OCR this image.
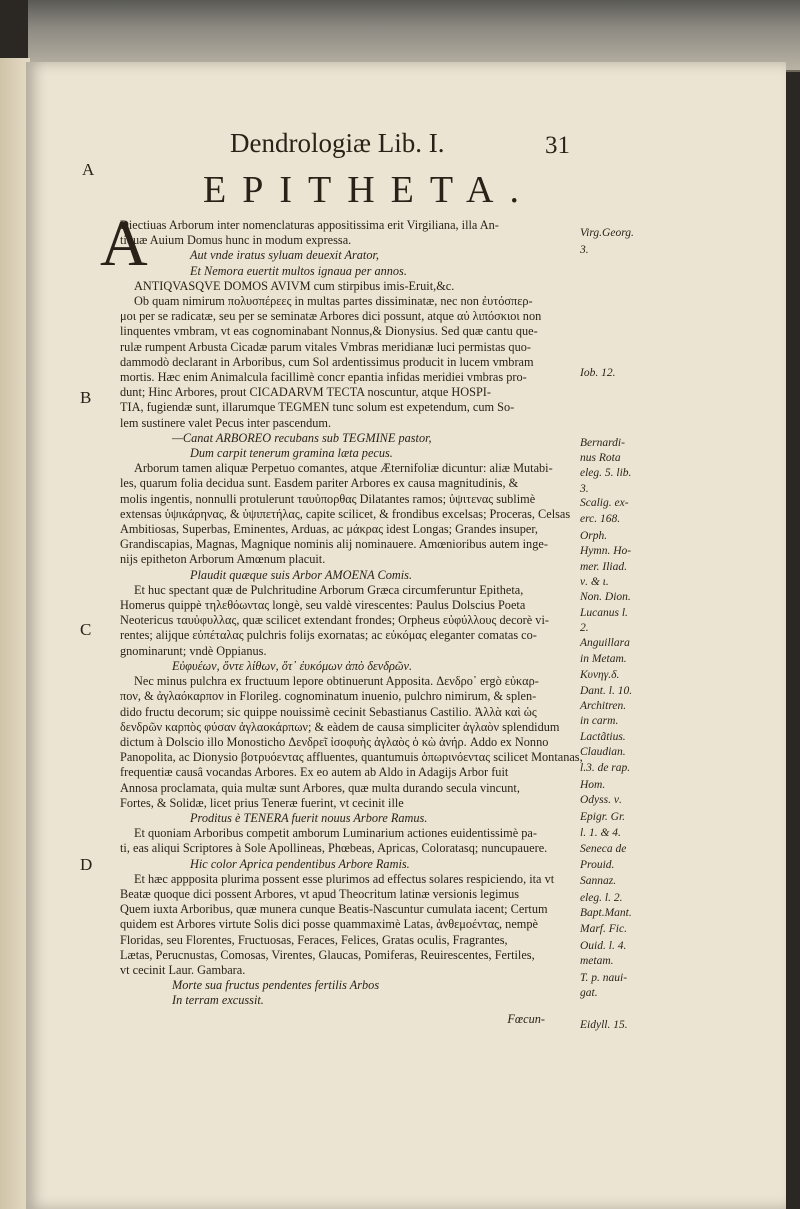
A
Dendrologiæ Lib. I.	31
EPITHETA.
A
B
C
D

Diectiuas Arborum inter nomenclaturas appositissima erit Virgiliana, illa An-

tiquæ Auium Domus hunc in modum expressa.

Aut vnde iratus syluam deuexit Arator,

Et Nemora euertit multos ignaua per annos.

ANTIQVASQVE DOMOS AVIVM cum stirpibus imis-Eruit,&c.

Ob quam nimirum πολυσπέρεες in multas partes dissiminatæ, nec non ἐυτόσπερ-

μοι per se radicatæ, seu per se seminatæ Arbores dici possunt, atque αὐ λιπόσκιοι non

linquentes vmbram, vt eas cognominabant Nonnus,& Dionysius. Sed quæ cantu que-

rulæ rumpent Arbusta Cicadæ parum vitales Vmbras meridianæ luci permistas quo-

dammodò declarant in Arboribus, cum Sol ardentissimus producit in lucem vmbram

mortis. Hæc enim Animalcula facillimè concr epantia infidas meridiei vmbras pro-

dunt; Hinc Arbores, prout CICADARVM TECTA noscuntur, atque HOSPI-

TIA, fugiendæ sunt, illarumque TEGMEN tunc solum est expetendum, cum So-

lem sustinere valet Pecus inter pascendum.

—Canat ARBOREO recubans sub TEGMINE pastor,

Dum carpit tenerum gramina læta pecus.

Arborum tamen aliquæ Perpetuo comantes, atque Æternifoliæ dicuntur: aliæ Mutabi-

les, quarum folia decidua sunt. Easdem pariter Arbores ex causa magnitudinis, &

molis ingentis, nonnulli protulerunt ταυὐπορθας Dilatantes ramos; ὑψιτενας sublimè

extensas ὑψικάρηνας, & ὑψιπετήλας, capite scilicet, & frondibus excelsas; Proceras, Celsas

Ambitiosas, Superbas, Eminentes, Arduas, ac μάκρας idest Longas; Grandes insuper,

Grandiscapias, Magnas, Magnique nominis alij nominauere. Amœnioribus autem inge-

nijs epitheton Arborum Amœnum placuit.

Plaudit quæque suis Arbor AMOENA Comis.

Et huc spectant quæ de Pulchritudine Arborum Græca circumferuntur Epitheta,

Homerus quippè τηλεθόωντας longè, seu valdè virescentes: Paulus Dolscius Poeta

Neotericus ταυὐφυλλας, quæ scilicet extendant frondes; Orpheus εὐφύλλους decorè vi-

rentes; alijque εὐπέταλας pulchris folijs exornatas; ac εὐκόμας eleganter comatas co-

gnominarunt; vndè Oppianus.

Εὐφυέων, ὅντε λίθων, ὅτ᾽ ἐυκόμων ἀπὸ δενδρῶν.

Nec minus pulchra ex fructuum lepore obtinuerunt Apposita. Δενδρο᾽ ergò εὐκαρ-

πον, & ἀγλαόκαρπον in Florileg. cognominatum inuenio, pulchro nimirum, & splen-

dido fructu decorum; sic quippe nouissimè cecinit Sebastianus Castilio. Ἀλλὰ καὶ ὡς

δενδρῶν καρπὸς φύσαν ἀγλαοκάρπων; & eàdem de causa simpliciter ἀγλαὸν splendidum

dictum à Dolscio illo Monosticho Δενδρεῖ ἰσοφυὴς ἀγλαὸς ὁ κὼ ἀνήρ. Addo ex Nonno

Panopolita, ac Dionysio βοτρυόεντας affluentes, quantumuis ὀπωρινόεντας scilicet Montanas,

frequentiæ causâ vocandas Arbores. Ex eo autem ab Aldo in Adagijs Arbor fuit

Annosa proclamata, quia multæ sunt Arbores, quæ multa durando secula vincunt,

Fortes, & Solidæ, licet prius Teneræ fuerint, vt cecinit ille

Proditus è TENERA fuerit nouus Arbore Ramus.

Et quoniam Arboribus competit amborum Luminarium actiones euidentissimè pa-

ti, eas aliqui Scriptores à Sole Apollineas, Phœbeas, Apricas, Coloratasq; nuncupauere.

Hic color Aprica pendentibus Arbore Ramis.

Et hæc appposita plurima possent esse plurimos ad effectus solares respiciendo, ita vt

Beatæ quoque dici possent Arbores, vt apud Theocritum latinæ versionis legimus

Quem iuxta Arboribus, quæ munera cunque Beatis-Nascuntur cumulata iacent; Certum

quidem est Arbores virtute Solis dici posse quammaximè Latas, ἀνθεμοέντας, nempè

Floridas, seu Florentes, Fructuosas, Feraces, Felices, Gratas oculis, Fragrantes,

Lætas, Perucnustas, Comosas, Virentes, Glaucas, Pomiferas, Reuirescentes, Fertiles,

vt cecinit Laur. Gambara.

Morte sua fructus pendentes fertilis Arbos

In terram excussit.

Fœcun-

Virg.Georg.
3.
Iob. 12.
Bernardi-
nus Rota
eleg. 5. lib.
3.
Scalig. ex-
erc. 168.
Orph.
Hymn. Ho-
mer. Iliad.
ν. & ι.
Non. Dion.
Lucanus l.
2.
Anguillara
in Metam.
Κυνηγ.δ.
Dant. l. 10.
Architren.
in carm.
Lactãtius.
Claudian.
l.3. de rap.
Hom.
Odyss. ν.
Epigr. Gr.
l. 1. & 4.
Seneca de
Prouid.
Sannaz.
eleg. l. 2.
Bapt.Mant.
Marf. Fic.
Ouid. l. 4.
metam.
T. p. naui-
gat.
Eidyll. 15.
